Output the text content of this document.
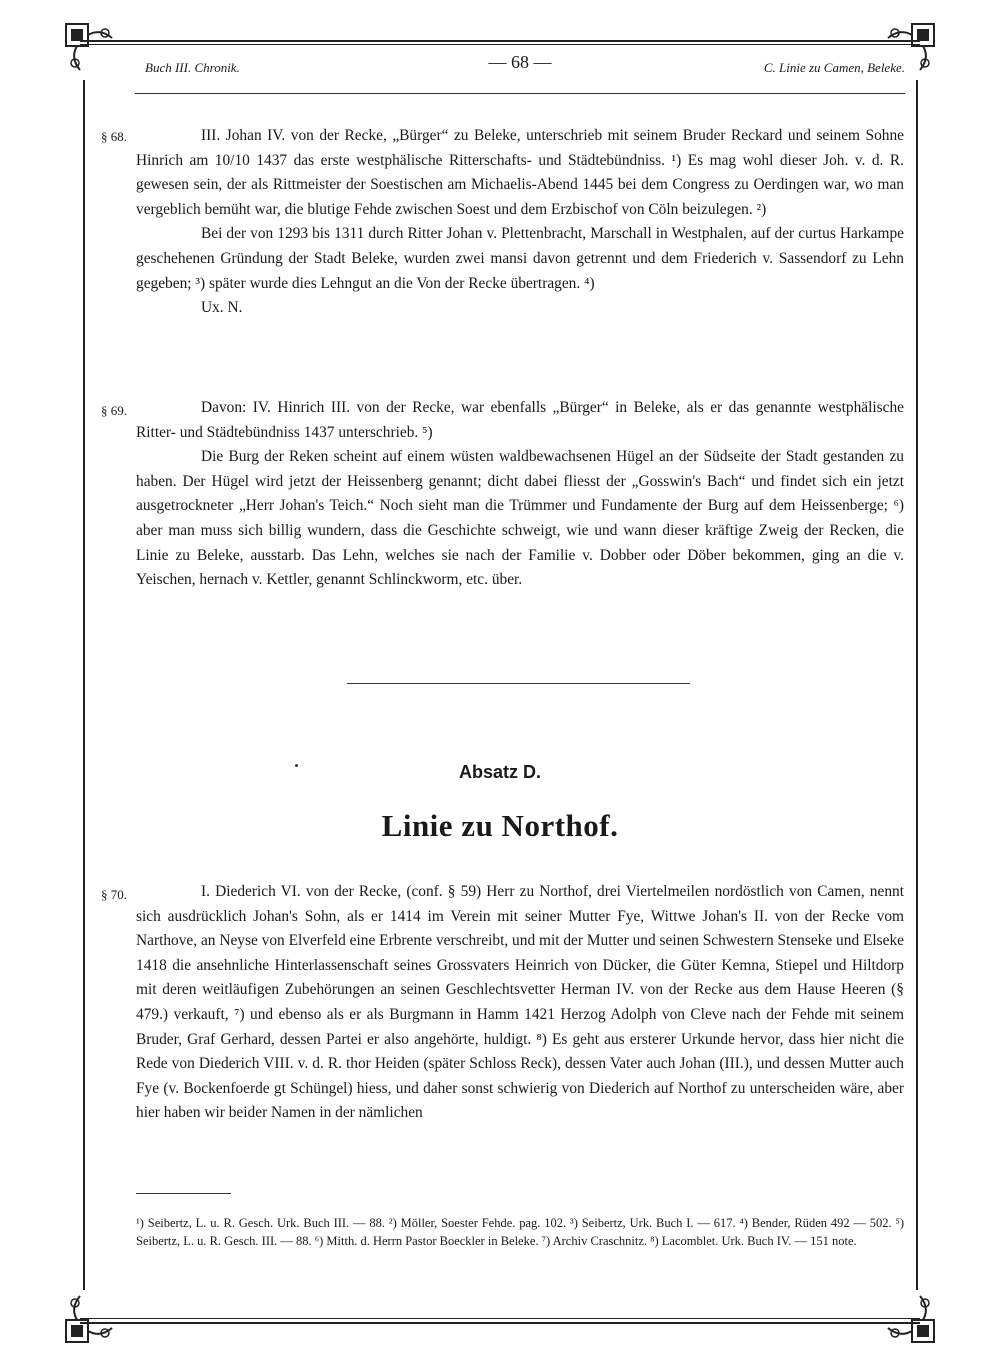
Buch III. Chronik.	— 68 —	C. Linie zu Camen, Beleke.
§ 68.	III. Johan IV. von der Recke, „Bürger“ zu Beleke, unterschrieb mit seinem Bruder Reckard und seinem Sohne Hinrich am 10/10 1437 das erste westphälische Ritterschafts- und Städtebündniss. ¹) Es mag wohl dieser Joh. v. d. R. gewesen sein, der als Rittmeister der Soestischen am Michaelis-Abend 1445 bei dem Congress zu Oerdingen war, wo man vergeblich bemüht war, die blutige Fehde zwischen Soest und dem Erzbischof von Cöln beizulegen. ²)

Bei der von 1293 bis 1311 durch Ritter Johan v. Plettenbracht, Marschall in Westphalen, auf der curtus Harkampe geschehenen Gründung der Stadt Beleke, wurden zwei mansi davon getrennt und dem Friederich v. Sassendorf zu Lehn gegeben; ³) später wurde dies Lehngut an die Von der Recke übertragen. ⁴)

Ux. N.

§ 69.	Davon: IV. Hinrich III. von der Recke, war ebenfalls „Bürger“ in Beleke, als er das genannte westphälische Ritter- und Städtebündniss 1437 unterschrieb. ⁵)

Die Burg der Reken scheint auf einem wüsten waldbewachsenen Hügel an der Südseite der Stadt gestanden zu haben. Der Hügel wird jetzt der Heissenberg genannt; dicht dabei fliesst der „Gosswin's Bach“ und findet sich ein jetzt ausgetrockneter „Herr Johan's Teich.“ Noch sieht man die Trümmer und Fundamente der Burg auf dem Heissenberge; ⁶) aber man muss sich billig wundern, dass die Geschichte schweigt, wie und wann dieser kräftige Zweig der Recken, die Linie zu Beleke, ausstarb. Das Lehn, welches sie nach der Familie v. Dobber oder Döber bekommen, ging an die v. Yeischen, hernach v. Kettler, genannt Schlinckworm, etc. über.

Absatz D.
Linie zu Northof.
§ 70.	I. Diederich VI. von der Recke, (conf. § 59) Herr zu Northof, drei Viertelmeilen nordöstlich von Camen, nennt sich ausdrücklich Johan's Sohn, als er 1414 im Verein mit seiner Mutter Fye, Wittwe Johan's II. von der Recke vom Narthove, an Neyse von Elverfeld eine Erbrente verschreibt, und mit der Mutter und seinen Schwestern Stenseke und Elseke 1418 die ansehnliche Hinterlassenschaft seines Grossvaters Heinrich von Dücker, die Güter Kemna, Stiepel und Hiltdorp mit deren weitläufigen Zubehörungen an seinen Geschlechtsvetter Herman IV. von der Recke aus dem Hause Heeren (§ 479.) verkauft, ⁷) und ebenso als er als Burgmann in Hamm 1421 Herzog Adolph von Cleve nach der Fehde mit seinem Bruder, Graf Gerhard, dessen Partei er also angehörte, huldigt. ⁸) Es geht aus ersterer Urkunde hervor, dass hier nicht die Rede von Diederich VIII. v. d. R. thor Heiden (später Schloss Reck), dessen Vater auch Johan (III.), und dessen Mutter auch Fye (v. Bockenfoerde gt Schüngel) hiess, und daher sonst schwierig von Diederich auf Northof zu unterscheiden wäre, aber hier haben wir beider Namen in der nämlichen

¹) Seibertz, L. u. R. Gesch. Urk. Buch III. — 88. ²) Möller, Soester Fehde. pag. 102. ³) Seibertz, Urk. Buch I. — 617. ⁴) Bender, Rüden 492 — 502. ⁵) Seibertz, L. u. R. Gesch. III. — 88. ⁶) Mitth. d. Herrn Pastor Boeckler in Beleke. ⁷) Archiv Craschnitz. ⁸) Lacomblet. Urk. Buch IV. — 151 note.
